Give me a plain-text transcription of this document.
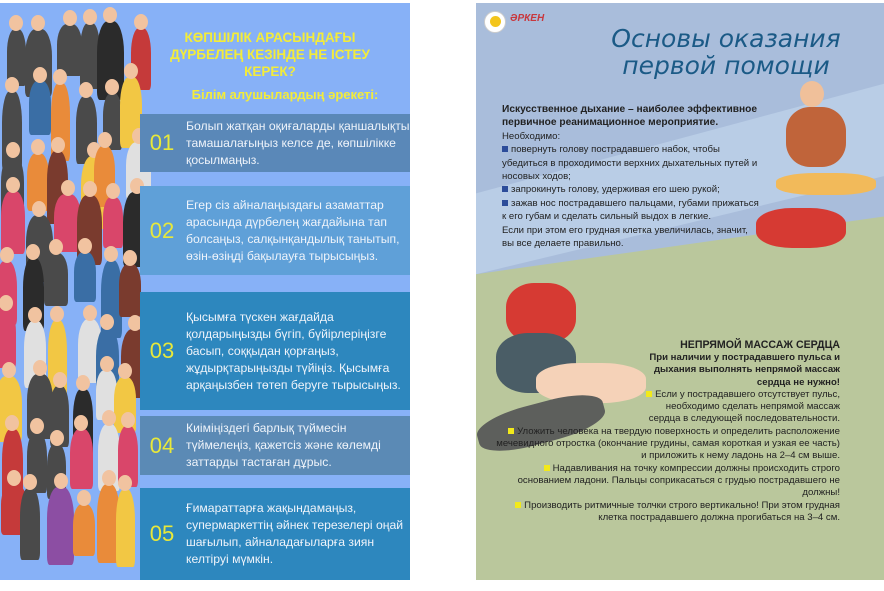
КӨПШІЛІК АРАСЫНДАҒЫ ДҮРБЕЛЕҢ КЕЗІНДЕ НЕ ІСТЕУ КЕРЕК?
Білім алушылардың әрекеті:
01
Болып жатқан оқиғаларды қаншалықты тамашалағыңыз келсе де, көпшілікке қосылмаңыз.
02
Егер сіз айналаңыздағы азаматтар арасында дүрбелең жағдайына тап болсаңыз, салқынқандылық танытып, өзін-өзіңді бақылауға тырысыңыз.
03
Қысымға түскен жағдайда қолдарыңызды бүгіп, бүйірлеріңізге басып, соққыдан қорғаңыз, жұдырқтарыңызды түйіңіз. Қысымға арқаңызбен төтеп беруге тырысыңыз.
04
Киіміңіздегі барлық түймесін түймелеңіз, қажетсіз және көлемді заттарды тастаған дұрыс.
05
Ғимараттарға жақындамаңыз, супермаркеттің әйнек терезелері оңай шағылып, айналадағыларға зиян келтіруі мүмкін.
ӘРКЕН
Основы оказания
первой помощи
Искусственное дыхание – наиболее эффективное первичное реанимационное мероприятие.
Необходимо:
повернуть голову пострадавшего набок, чтобы убедиться в проходимости верхних дыхательных путей и носовых ходов;
запрокинуть голову, удерживая его шею рукой;
зажав нос пострадавшего пальцами, губами прижаться к его губам и сделать сильный выдох в легкие.
Если при этом его грудная клетка увеличилась, значит, вы все делаете правильно.
НЕПРЯМОЙ МАССАЖ СЕРДЦА
При наличии у пострадавшего пульса и дыхания выполнять непрямой массаж сердца не нужно!
Если у пострадавшего отсутствует пульс, необходимо сделать непрямой массаж сердца в следующей последовательности.
Уложить человека на твердую поверхность и определить расположение мечевидного отростка (окончание грудины, самая короткая и узкая ее часть) и приложить к нему ладонь на 2–4 см выше.
Надавливания на точку компрессии должны происходить строго основанием ладони. Пальцы соприкасаться с грудью пострадавшего не должны!
Производить ритмичные толчки строго вертикально! При этом грудная клетка пострадавшего должна прогибаться на 3–4 см.
